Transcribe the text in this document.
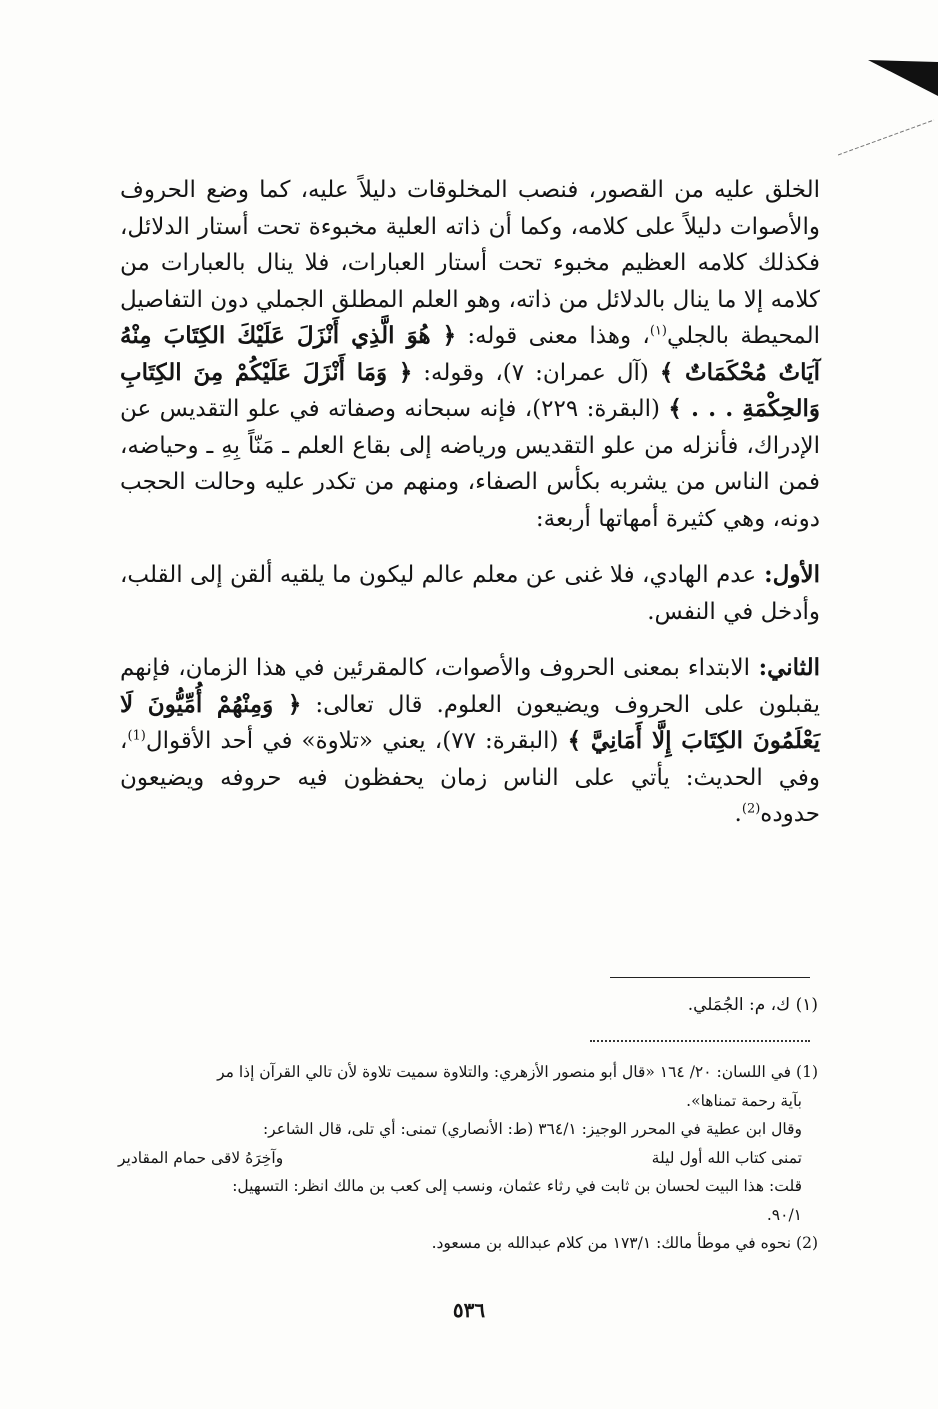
الخلق عليه من القصور، فنصب المخلوقات دليلاً عليه، كما وضع الحروف والأصوات دليلاً على كلامه، وكما أن ذاته العلية مخبوءة تحت أستار الدلائل، فكذلك كلامه العظيم مخبوء تحت أستار العبارات، فلا ينال بالعبارات من كلامه إلا ما ينال بالدلائل من ذاته، وهو العلم المطلق الجملي دون التفاصيل المحيطة بالجلي$^{(١)}$، وهذا معنى قوله: ﴿ هُوَ الَّذِي أَنْزَلَ عَلَيْكَ الكِتَابَ مِنْهُ آيَاتٌ مُحْكَمَاتٌ ﴾ (آل عمران: ٧)، وقوله: ﴿ وَمَا أَنْزَلَ عَلَيْكُمْ مِنَ الكِتَابِ وَالحِكْمَةِ . . . ﴾ (البقرة: ٢٢٩)، فإنه سبحانه وصفاته في علو التقديس عن الإدراك، فأنزله من علو التقديس ورياضه إلى بقاع العلم ـ مَنّاً بِهِ ـ وحياضه، فمن الناس من يشربه بكأس الصفاء، ومنهم من تكدر عليه وحالت الحجب دونه، وهي كثيرة أمهاتها أربعة:

الأول: عدم الهادي، فلا غنى عن معلم عالم ليكون ما يلقيه ألقن إلى القلب، وأدخل في النفس.

الثاني: الابتداء بمعنى الحروف والأصوات، كالمقرئين في هذا الزمان، فإنهم يقبلون على الحروف ويضيعون العلوم. قال تعالى: ﴿ وَمِنْهُمْ أُمِّيُّونَ لَا يَعْلَمُونَ الكِتَابَ إِلَّا أَمَانِيَّ ﴾ (البقرة: ٧٧)، يعني «تلاوة» في أحد الأقوال$^{(1)}$، وفي الحديث: يأتي على الناس زمان يحفظون فيه حروفه ويضيعون حدوده$^{(2)}$.

(١) ك، م: الجُمَلي.

(1) في اللسان: ٢٠/ ١٦٤ «قال أبو منصور الأزهري: والتلاوة سميت تلاوة لأن تالي القرآن إذا مر

بآية رحمة تمناها».

وقال ابن عطية في المحرر الوجيز: ٣٦٤/١ (ط: الأنصاري) تمنى: أي تلى، قال الشاعر:

تمنى كتاب الله أول ليلة
وآخِرَهُ لاقى حمام المقادير

قلت: هذا البيت لحسان بن ثابت في رثاء عثمان، ونسب إلى كعب بن مالك انظر: التسهيل:

٩٠/١.

(2) نحوه في موطأ مالك: ١٧٣/١ من كلام عبدالله بن مسعود.

٥٣٦
